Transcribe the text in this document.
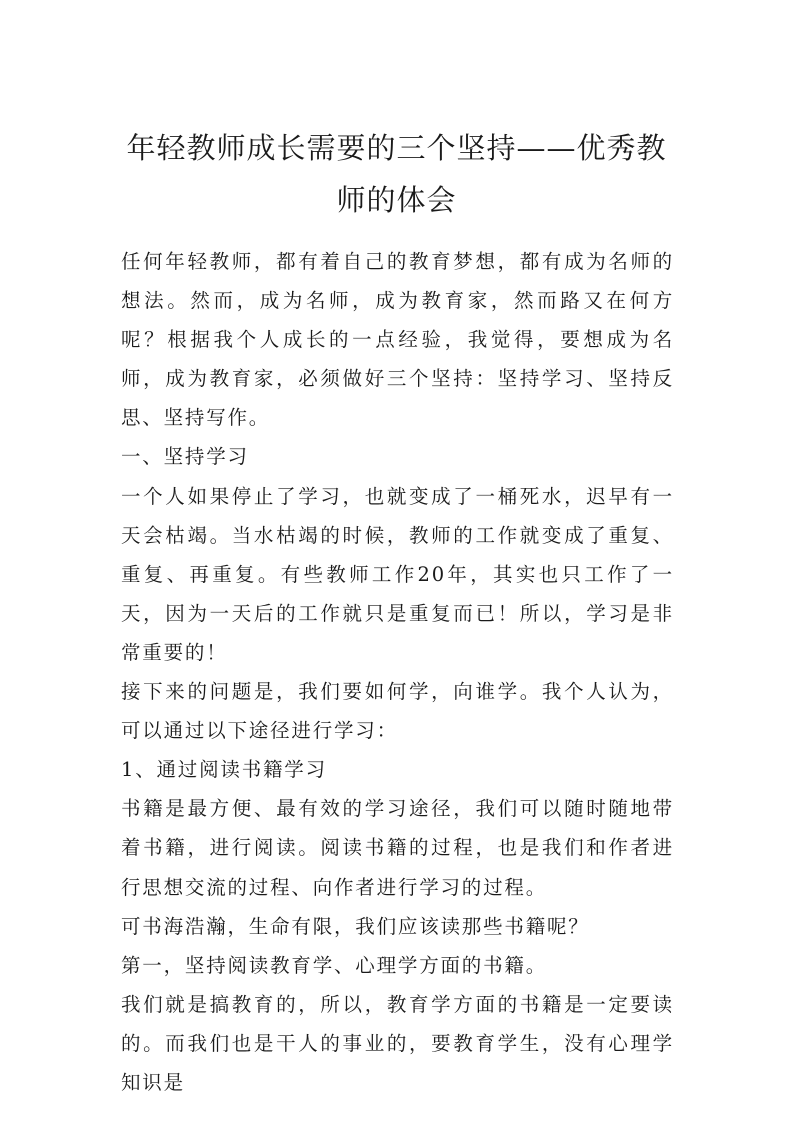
年轻教师成长需要的三个坚持——优秀教
师的体会

任何年轻教师，都有着自己的教育梦想，都有成为名师的想法。然而，成为名师，成为教育家，然而路又在何方呢？根据我个人成长的一点经验，我觉得，要想成为名师，成为教育家，必须做好三个坚持：坚持学习、坚持反思、坚持写作。

一、坚持学习

一个人如果停止了学习，也就变成了一桶死水，迟早有一天会枯竭。当水枯竭的时候，教师的工作就变成了重复、重复、再重复。有些教师工作20年，其实也只工作了一天，因为一天后的工作就只是重复而已！所以，学习是非常重要的！

接下来的问题是，我们要如何学，向谁学。我个人认为，可以通过以下途径进行学习：

1、通过阅读书籍学习

书籍是最方便、最有效的学习途径，我们可以随时随地带着书籍，进行阅读。阅读书籍的过程，也是我们和作者进行思想交流的过程、向作者进行学习的过程。

可书海浩瀚，生命有限，我们应该读那些书籍呢？

第一，坚持阅读教育学、心理学方面的书籍。

我们就是搞教育的，所以，教育学方面的书籍是一定要读的。而我们也是干人的事业的，要教育学生，没有心理学知识是
